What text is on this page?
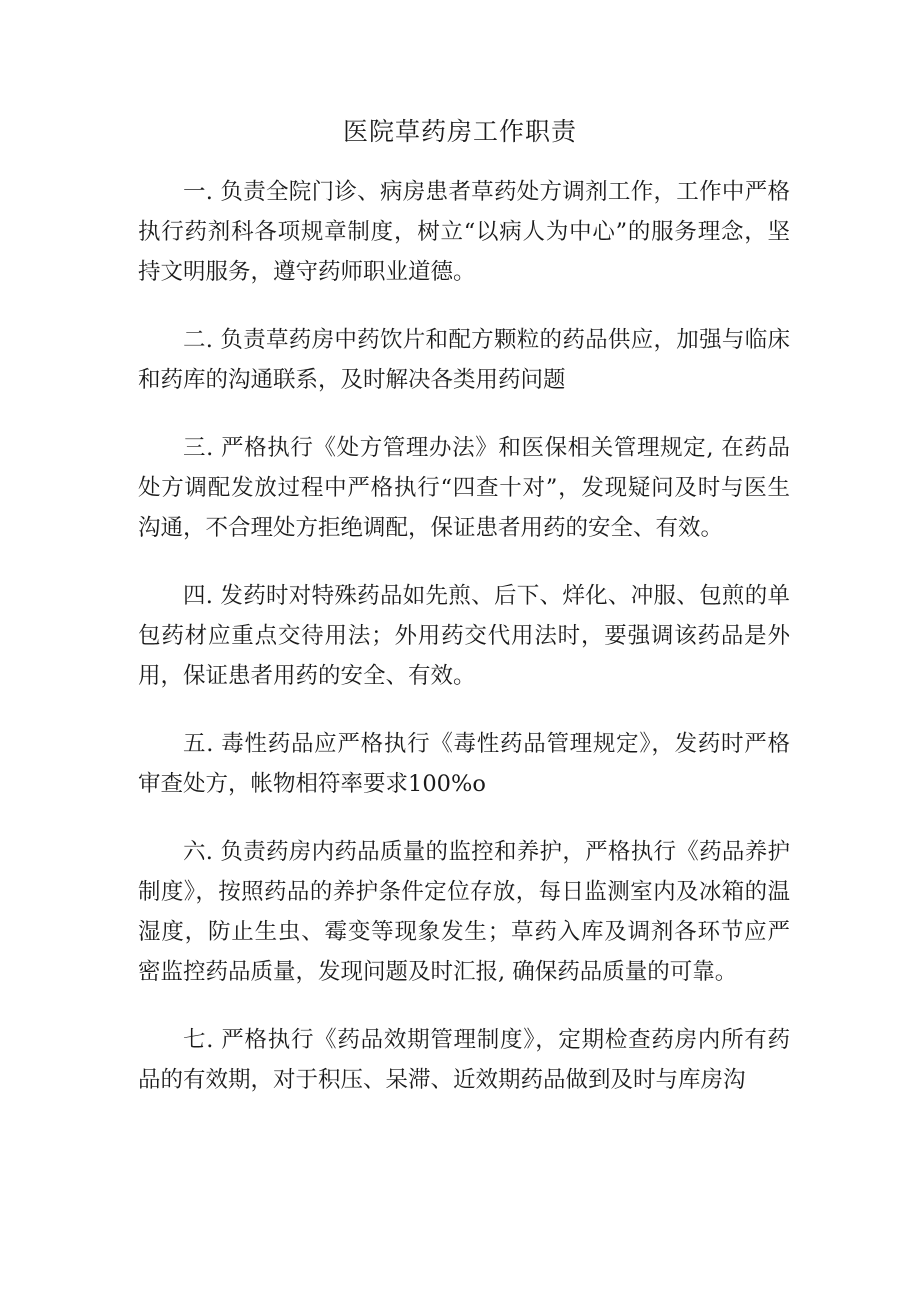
医院草药房工作职责

一. 负责全院门诊、病房患者草药处方调剂工作，工作中严格执行药剂科各项规章制度，树立“以病人为中心”的服务理念，坚持文明服务，遵守药师职业道德。

二. 负责草药房中药饮片和配方颗粒的药品供应，加强与临床和药库的沟通联系，及时解决各类用药问题

三. 严格执行《处方管理办法》和医保相关管理规定, 在药品处方调配发放过程中严格执行“四查十对”，发现疑问及时与医生沟通，不合理处方拒绝调配，保证患者用药的安全、有效。

四. 发药时对特殊药品如先煎、后下、烊化、冲服、包煎的单包药材应重点交待用法；外用药交代用法时，要强调该药品是外用，保证患者用药的安全、有效。

五. 毒性药品应严格执行《毒性药品管理规定》，发药时严格审查处方，帐物相符率要求100%o

六. 负责药房内药品质量的监控和养护，严格执行《药品养护制度》，按照药品的养护条件定位存放，每日监测室内及冰箱的温湿度，防止生虫、霉变等现象发生；草药入库及调剂各环节应严密监控药品质量，发现问题及时汇报, 确保药品质量的可靠。

七. 严格执行《药品效期管理制度》，定期检查药房内所有药品的有效期，对于积压、呆滞、近效期药品做到及时与库房沟
